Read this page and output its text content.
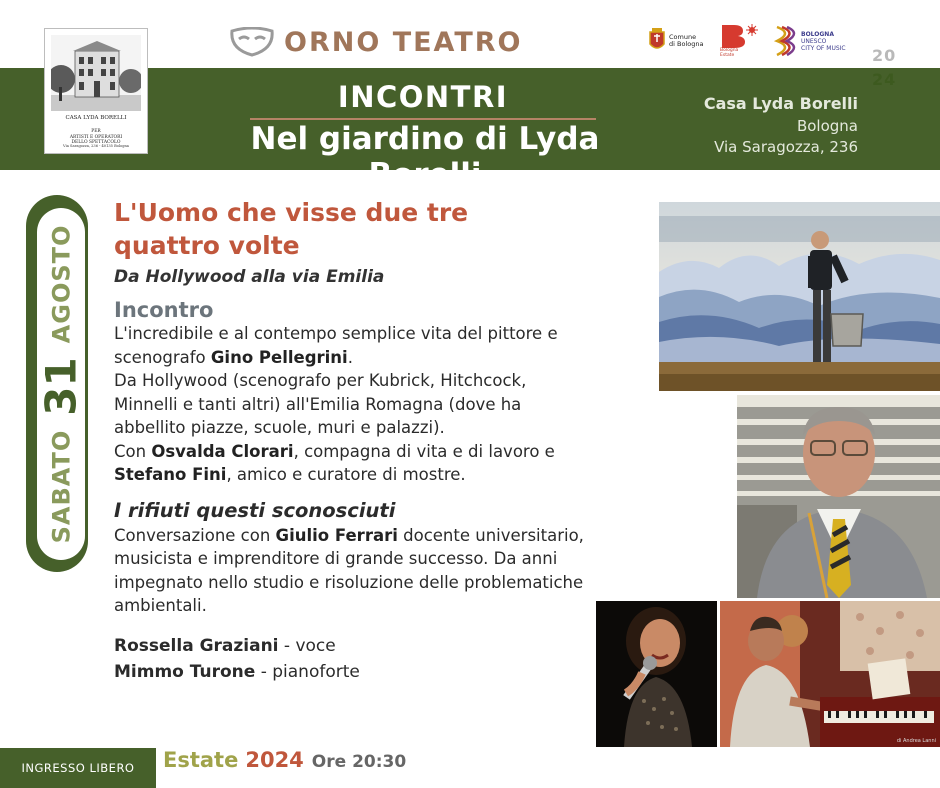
CASA LYDA BORELLI
PER
ARTISTI E OPERATORI
DELLO SPETTACOLO
Via Saragozza, 236 - 40135 Bologna
ORNO TEATRO	Comune
di Bologna
Bologna
Estate
BOLOGNA
UNESCO
CITY OF MUSIC 20
24
INCONTRI
Nel giardino di Lyda Borelli
Casa Lyda Borelli
Bologna
Via Saragozza, 236
SABATO
31
AGOSTO
L'Uomo che visse due tre quattro volte
Da Hollywood alla via Emilia
Incontro
L'incredibile e al contempo semplice vita del pittore e scenografo Gino Pellegrini.
Da Hollywood (scenografo per Kubrick, Hitchcock, Minnelli e tanti altri) all'Emilia Romagna (dove ha abbellito piazze, scuole, muri e palazzi).
Con Osvalda Clorari, compagna di vita e di lavoro e Stefano Fini, amico e curatore di mostre.
I rifiuti questi sconosciuti
Conversazione con Giulio Ferrari docente universitario, musicista e imprenditore di grande successo. Da anni impegnato nello studio e risoluzione delle problematiche ambientali.
Rossella Graziani - voce
Mimmo Turone - pianoforte
di Andrea Lanni
INGRESSO LIBERO	Estate 2024 Ore 20:30
